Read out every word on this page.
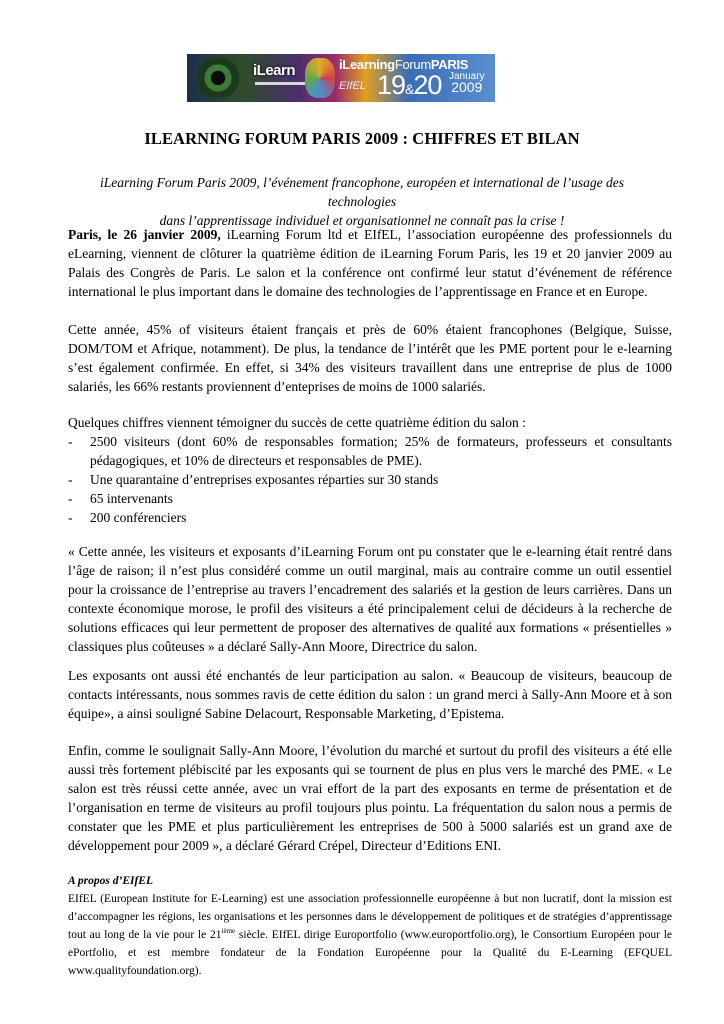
iLearn	iLearningForumPARIS
EIfEL 19&20 January
2009
ILEARNING FORUM PARIS 2009 : CHIFFRES ET BILAN
iLearning Forum Paris 2009, l’événement francophone, européen et international de l’usage des technologies
dans l’apprentissage individuel et organisationnel ne connaît pas la crise !
Paris, le 26 janvier 2009, iLearning Forum ltd et EIfEL, l’association européenne des professionnels du eLearning, viennent de clôturer la quatrième édition de iLearning Forum Paris, les 19 et 20 janvier 2009 au Palais des Congrès de Paris. Le salon et la conférence ont confirmé leur statut d’événement de référence international le plus important dans le domaine des technologies de l’apprentissage en France et en Europe.
Cette année, 45% of visiteurs étaient français et près de 60% étaient francophones (Belgique, Suisse, DOM/TOM et Afrique, notamment). De plus, la tendance de l’intérêt que les PME portent pour le e-learning s’est également confirmée. En effet, si 34% des visiteurs travaillent dans une entreprise de plus de 1000 salariés, les 66% restants proviennent d’enteprises de moins de 1000 salariés.
Quelques chiffres viennent témoigner du succès de cette quatrième édition du salon :
- 2500 visiteurs (dont 60% de responsables formation; 25% de formateurs, professeurs et consultants pédagogiques, et 10% de directeurs et responsables de PME).
- Une quarantaine d’entreprises exposantes réparties sur 30 stands
- 65 intervenants
- 200 conférenciers
« Cette année, les visiteurs et exposants d’iLearning Forum ont pu constater que le e-learning était rentré dans l’âge de raison; il n’est plus considéré comme un outil marginal, mais au contraire comme un outil essentiel pour la croissance de l’entreprise au travers l’encadrement des salariés et la gestion de leurs carrières. Dans un contexte économique morose, le profil des visiteurs a été principalement celui de décideurs à la recherche de solutions efficaces qui leur permettent de proposer des alternatives de qualité aux formations « présentielles » classiques plus coûteuses » a déclaré Sally-Ann Moore, Directrice du salon.
Les exposants ont aussi été enchantés de leur participation au salon. « Beaucoup de visiteurs, beaucoup de contacts intéressants, nous sommes ravis de cette édition du salon : un grand merci à Sally-Ann Moore et à son équipe», a ainsi souligné Sabine Delacourt, Responsable Marketing, d’Epistema.
Enfin, comme le soulignait Sally-Ann Moore, l’évolution du marché et surtout du profil des visiteurs a été elle aussi très fortement plébiscité par les exposants qui se tournent de plus en plus vers le marché des PME. « Le salon est très réussi cette année, avec un vrai effort de la part des exposants en terme de présentation et de l’organisation en terme de visiteurs au profil toujours plus pointu. La fréquentation du salon nous a permis de constater que les PME et plus particulièrement les entreprises de 500 à 5000 salariés est un grand axe de développement pour 2009 », a déclaré Gérard Crépel, Directeur d’Editions ENI.
A propos d’EIfEL
EIfEL (European Institute for E-Learning) est une association professionnelle européenne à but non lucratif, dont la mission est d’accompagner les régions, les organisations et les personnes dans le développement de politiques et de stratégies d’apprentissage tout au long de la vie pour le 21ième siècle. EIfEL dirige Europortfolio (www.europortfolio.org), le Consortium Européen pour le ePortfolio, et est membre fondateur de la Fondation Européenne pour la Qualité du E-Learning (EFQUEL www.qualityfoundation.org).
